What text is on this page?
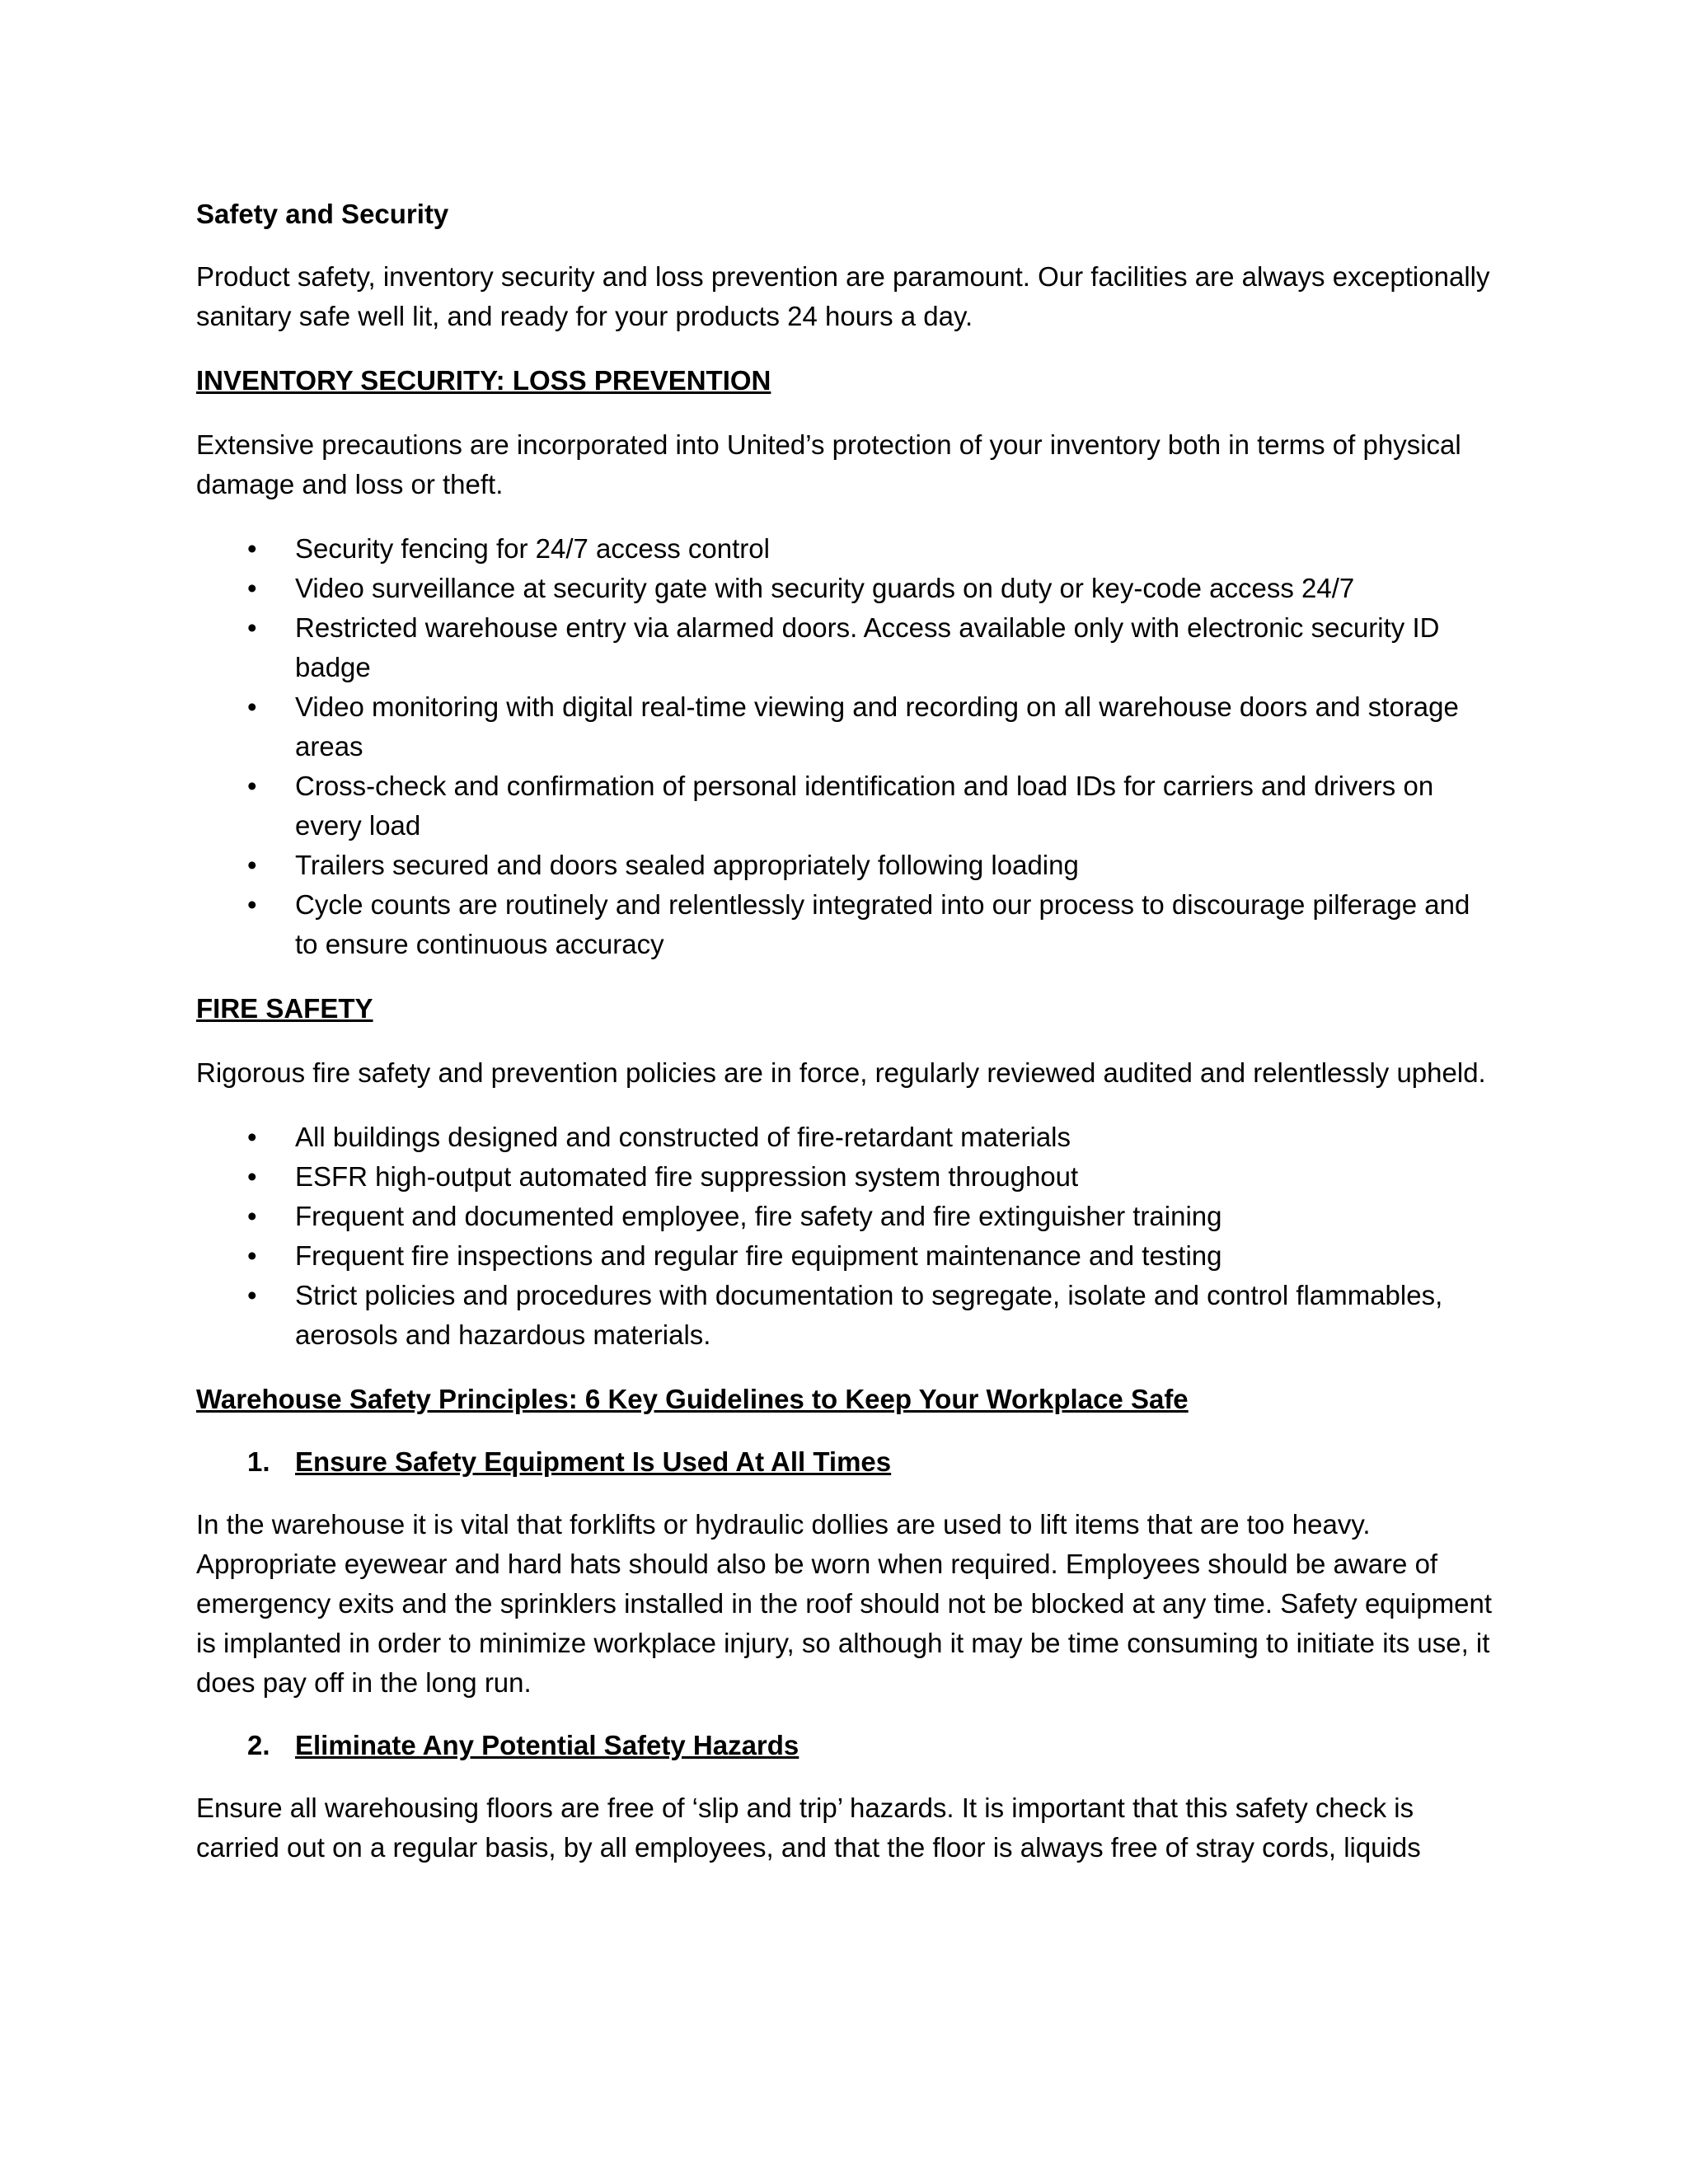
Safety and Security

Product safety, inventory security and loss prevention are paramount. Our facilities are always exceptionally sanitary safe well lit, and ready for your products 24 hours a day.

INVENTORY SECURITY: LOSS PREVENTION

Extensive precautions are incorporated into United’s protection of your inventory both in terms of physical damage and loss or theft.

• Security fencing for 24/7 access control
• Video surveillance at security gate with security guards on duty or key-code access 24/7
• Restricted warehouse entry via alarmed doors. Access available only with electronic security ID badge
• Video monitoring with digital real-time viewing and recording on all warehouse doors and storage areas
• Cross-check and confirmation of personal identification and load IDs for carriers and drivers on every load
• Trailers secured and doors sealed appropriately following loading
• Cycle counts are routinely and relentlessly integrated into our process to discourage pilferage and to ensure continuous accuracy

FIRE SAFETY

Rigorous fire safety and prevention policies are in force, regularly reviewed audited and relentlessly upheld.

• All buildings designed and constructed of fire-retardant materials
• ESFR high-output automated fire suppression system throughout
• Frequent and documented employee, fire safety and fire extinguisher training
• Frequent fire inspections and regular fire equipment maintenance and testing
• Strict policies and procedures with documentation to segregate, isolate and control flammables, aerosols and hazardous materials.

Warehouse Safety Principles: 6 Key Guidelines to Keep Your Workplace Safe

1. Ensure Safety Equipment Is Used At All Times

In the warehouse it is vital that forklifts or hydraulic dollies are used to lift items that are too heavy. Appropriate eyewear and hard hats should also be worn when required. Employees should be aware of emergency exits and the sprinklers installed in the roof should not be blocked at any time. Safety equipment is implanted in order to minimize workplace injury, so although it may be time consuming to initiate its use, it does pay off in the long run.

2. Eliminate Any Potential Safety Hazards

Ensure all warehousing floors are free of ‘slip and trip’ hazards. It is important that this safety check is carried out on a regular basis, by all employees, and that the floor is always free of stray cords, liquids
